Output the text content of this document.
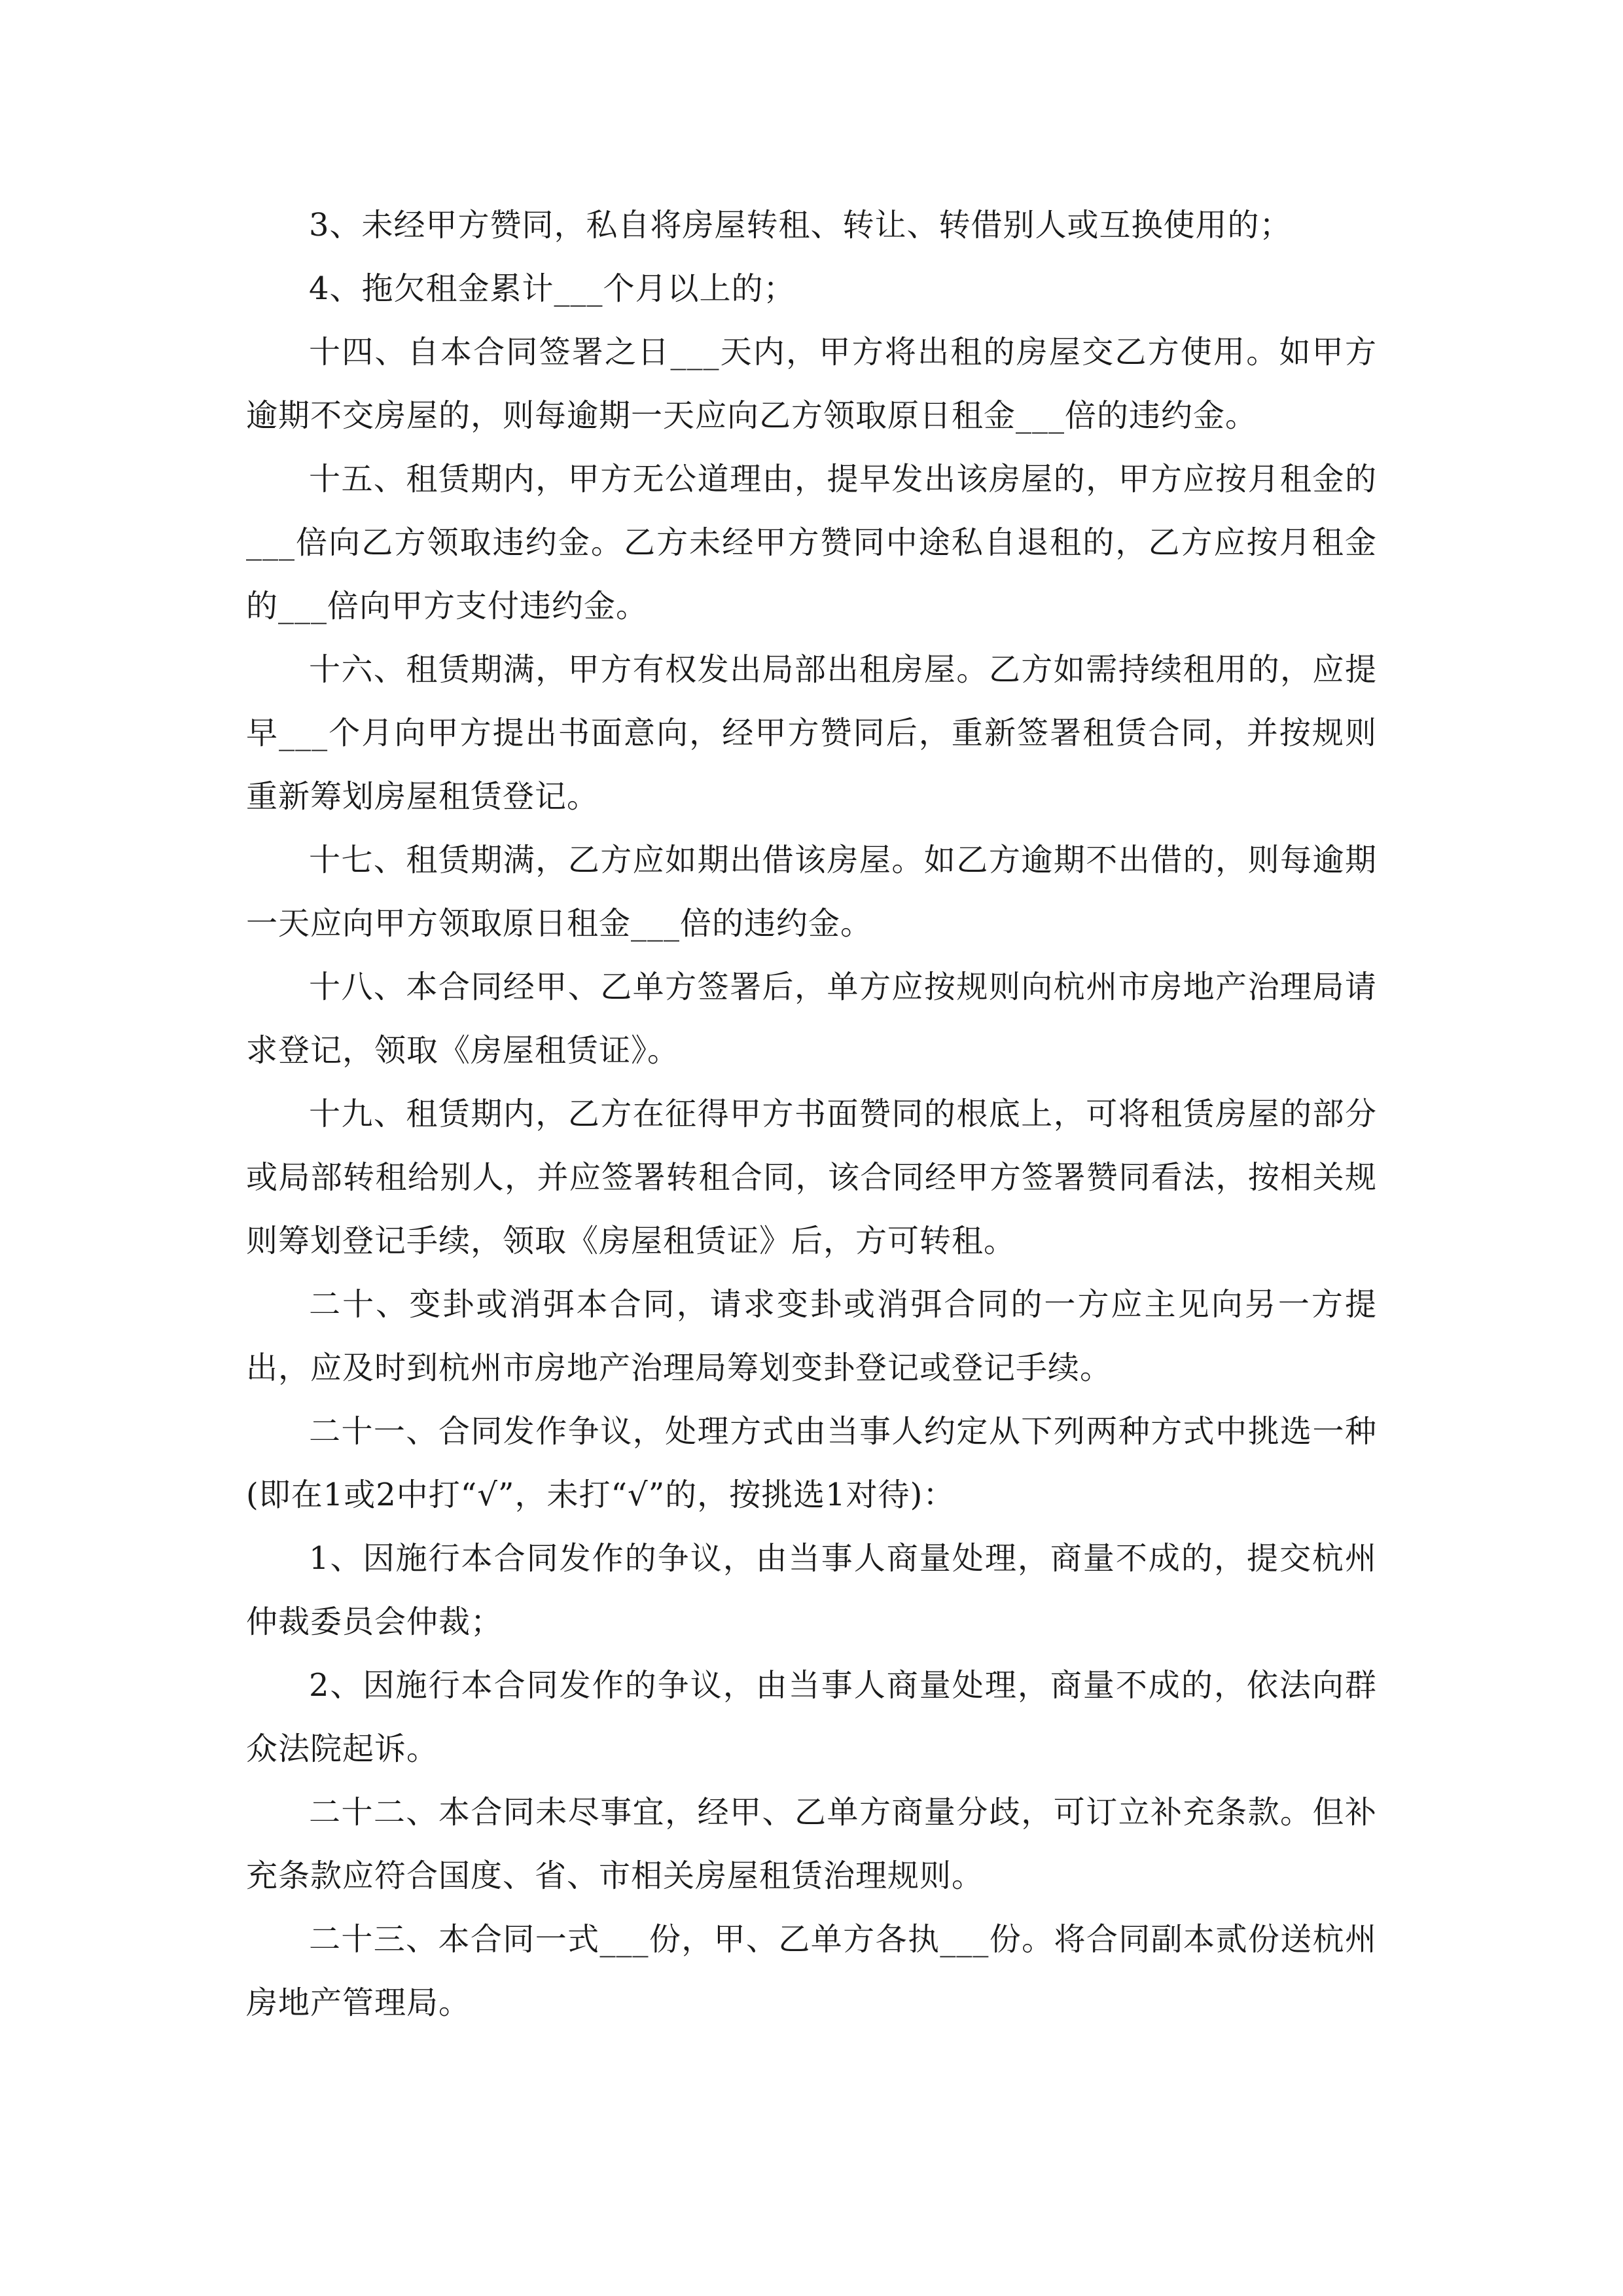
3、未经甲方赞同，私自将房屋转租、转让、转借别人或互换使用的；

4、拖欠租金累计___个月以上的；

十四、自本合同签署之日___天内，甲方将出租的房屋交乙方使用。如甲方逾期不交房屋的，则每逾期一天应向乙方领取原日租金___倍的违约金。

十五、租赁期内，甲方无公道理由，提早发出该房屋的，甲方应按月租金的___倍向乙方领取违约金。乙方未经甲方赞同中途私自退租的，乙方应按月租金的___倍向甲方支付违约金。

十六、租赁期满，甲方有权发出局部出租房屋。乙方如需持续租用的，应提早___个月向甲方提出书面意向，经甲方赞同后，重新签署租赁合同，并按规则重新筹划房屋租赁登记。

十七、租赁期满，乙方应如期出借该房屋。如乙方逾期不出借的，则每逾期一天应向甲方领取原日租金___倍的违约金。

十八、本合同经甲、乙单方签署后，单方应按规则向杭州市房地产治理局请求登记，领取《房屋租赁证》。

十九、租赁期内，乙方在征得甲方书面赞同的根底上，可将租赁房屋的部分或局部转租给别人，并应签署转租合同，该合同经甲方签署赞同看法，按相关规则筹划登记手续，领取《房屋租赁证》后，方可转租。

二十、变卦或消弭本合同，请求变卦或消弭合同的一方应主见向另一方提出，应及时到杭州市房地产治理局筹划变卦登记或登记手续。

二十一、合同发作争议，处理方式由当事人约定从下列两种方式中挑选一种(即在1或2中打“√”，未打“√”的，按挑选1对待)：

1、因施行本合同发作的争议，由当事人商量处理，商量不成的，提交杭州仲裁委员会仲裁；

2、因施行本合同发作的争议，由当事人商量处理，商量不成的，依法向群众法院起诉。

二十二、本合同未尽事宜，经甲、乙单方商量分歧，可订立补充条款。但补充条款应符合国度、省、市相关房屋租赁治理规则。

二十三、本合同一式___份，甲、乙单方各执___份。将合同副本贰份送杭州房地产管理局。
